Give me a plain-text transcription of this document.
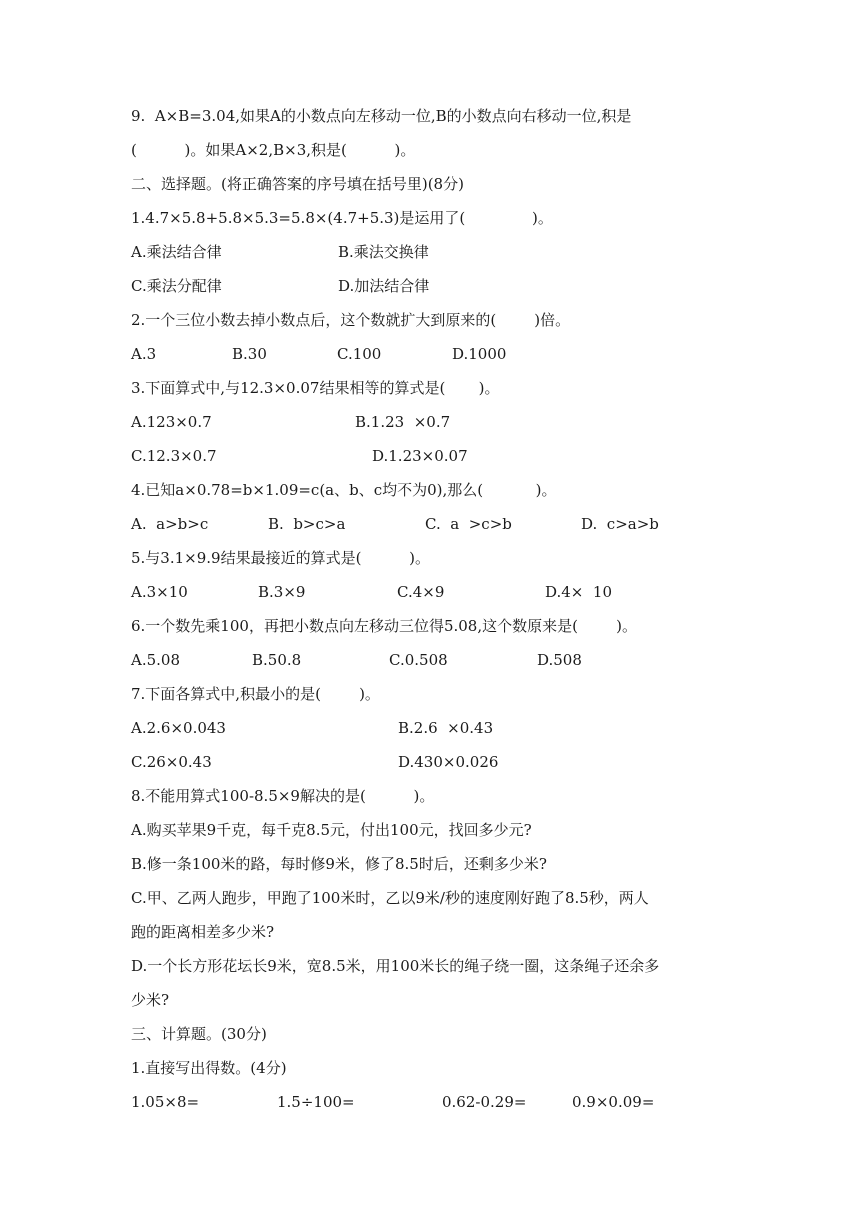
9.  A×B=3.04,如果A的小数点向左移动一位,B的小数点向右移动一位,积是
(          )。如果A×2,B×3,积是(          )。
二、选择题。(将正确答案的序号填在括号里)(8分)
1.4.7×5.8+5.8×5.3=5.8×(4.7+5.3)是运用了(              )。
A.乘法结合律	B.乘法交换律
C.乘法分配律	D.加法结合律
2.一个三位小数去掉小数点后，这个数就扩大到原来的(        )倍。
A.3	B.30	C.100	D.1000
3.下面算式中,与12.3×0.07结果相等的算式是(       )。
A.123×0.7	B.1.23  ×0.7
C.12.3×0.7	D.1.23×0.07
4.已知a×0.78=b×1.09=c(a、b、c均不为0),那么(           )。
A.  a>b>c	B.  b>c>a	C.  a  >c>b	D.  c>a>b
5.与3.1×9.9结果最接近的算式是(          )。
A.3×10	B.3×9	C.4×9	D.4×  10
6.一个数先乘100，再把小数点向左移动三位得5.08,这个数原来是(        )。
A.5.08	B.50.8	C.0.508	D.508
7.下面各算式中,积最小的是(        )。
A.2.6×0.043	B.2.6  ×0.43
C.26×0.43	D.430×0.026
8.不能用算式100-8.5×9解决的是(          )。
A.购买苹果9千克，每千克8.5元，付出100元，找回多少元?
B.修一条100米的路，每时修9米，修了8.5时后，还剩多少米?
C.甲、乙两人跑步，甲跑了100米时，乙以9米/秒的速度刚好跑了8.5秒，两人
跑的距离相差多少米?
D.一个长方形花坛长9米，宽8.5米，用100米长的绳子绕一圈，这条绳子还余多
少米?
三、计算题。(30分)
1.直接写出得数。(4分)
1.05×8=	1.5÷100=	0.62-0.29=	0.9×0.09=
